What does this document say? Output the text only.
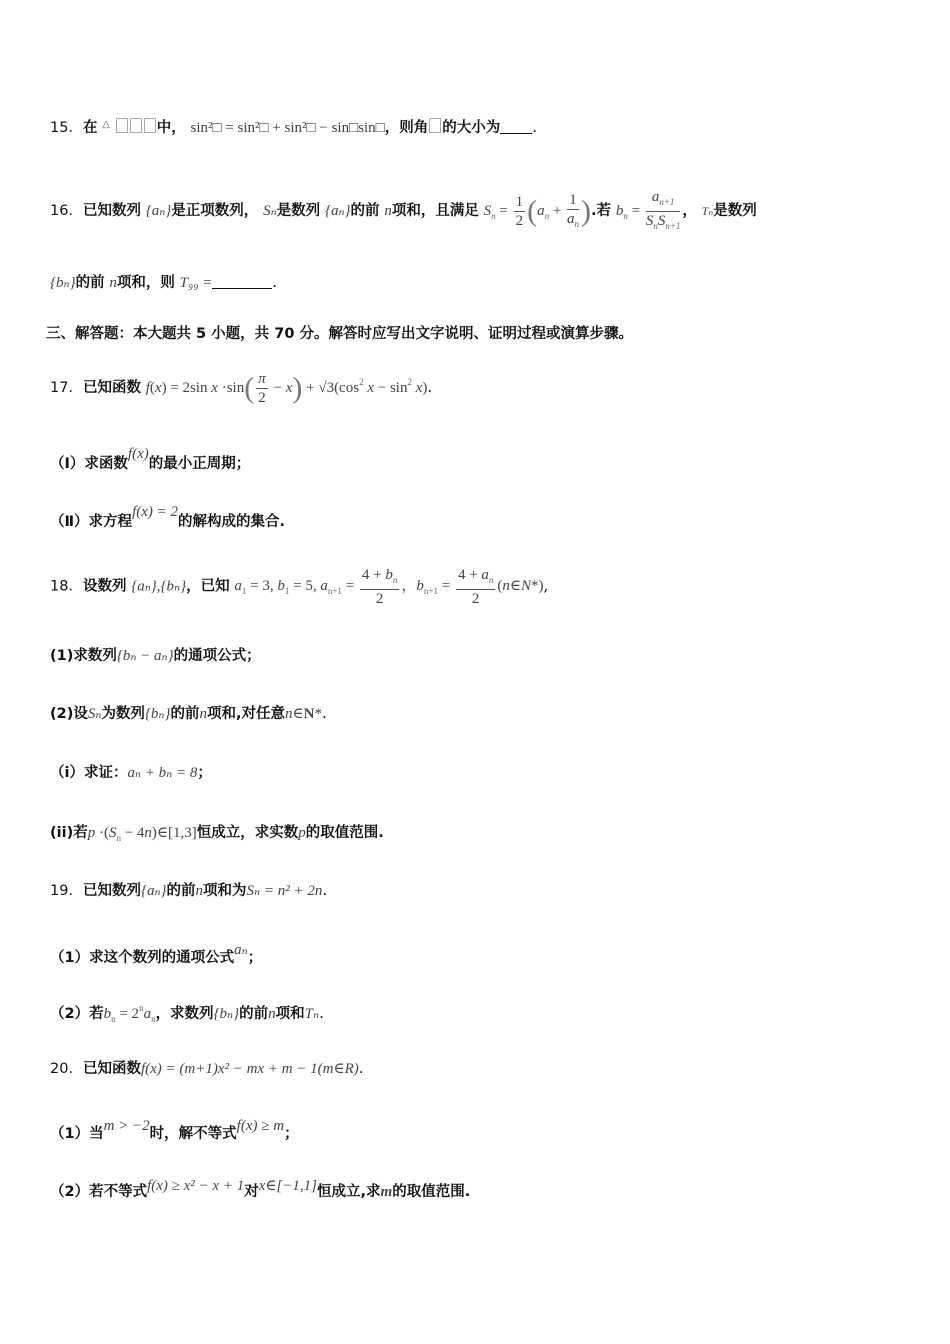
15．在 △	中， sin²□ = sin²□ + sin²□ − sin□sin□，则角 的大小为 .
16．已知数列 {aₙ}是正项数列， Sₙ是数列 {aₙ}的前 n项和，且满足 $S_n = \frac{1}{2} (a_n + \frac{1}{a_n}$ ).若 $b_n = \frac{a_{n+1}}{S_nS_{n+1}}$ ， Tₙ是数列
{bₙ}的前 n项和，则 T₉₉ =	.
三、解答题：本大题共 5 小题，共 70 分。解答时应写出文字说明、证明过程或演算步骤。
17．已知函数 f(x) = 2sin $x \cdot\sin( \frac{\pi}{2} - x) + √3(\cos^2$ $x - \sin^2 x$).
（Ⅰ）求函数f(x)的最小正周期；
（Ⅱ）求方程f(x) = 2的解构成的集合.
18．设数列 {aₙ},{bₙ}，已知 $a_1 = 3$, $b_1 = 5$, $a_{n+1} = \frac{4 + b_n}{2}$ ，$b_{n+1} = \frac{4 + a_n}{2}$ (n∈N*),
(1)求数列{bₙ − aₙ}的通项公式；
(2)设Sₙ为数列{bₙ}的前n项和,对任意n∈N*.
（i）求证：aₙ + bₙ = 8；
(ii)若$p \cdot(S_n$ − 4n)∈[1,3]恒成立，求实数p的取值范围.
19．已知数列{aₙ}的前n项和为Sₙ = n² + 2n.
（1）求这个数列的通项公式aₙ；
（2）若$b_n = 2^na_n$，求数列{bₙ}的前n项和Tₙ.
20．已知函数f(x) = (m+1)x² − mx + m − 1(m∈R).
（1）当m > −2时，解不等式f(x) ≥ m；
（2）若不等式f(x) ≥ x² − x + 1对x∈[−1,1]恒成立,求m的取值范围.
